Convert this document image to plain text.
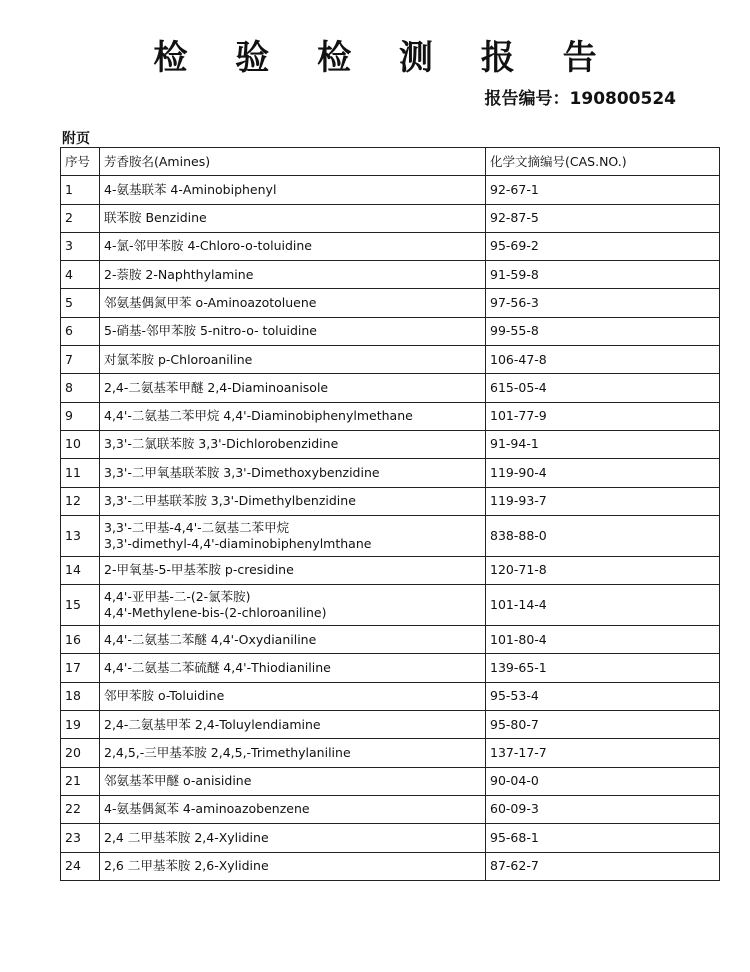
检 验 检 测 报 告
报告编号：190800524
附页
序号	芳香胺名(Amines)	化学文摘编号(CAS.NO.)
1	4-氨基联苯 4-Aminobiphenyl	92-67-1
2	联苯胺 Benzidine	92-87-5
3	4-氯-邻甲苯胺 4-Chloro-o-toluidine	95-69-2
4	2-萘胺 2-Naphthylamine	91-59-8
5	邻氨基偶氮甲苯 o-Aminoazotoluene	97-56-3
6	5-硝基-邻甲苯胺 5-nitro-o- toluidine	99-55-8
7	对氯苯胺 p-Chloroaniline	106-47-8
8	2,4-二氨基苯甲醚 2,4-Diaminoanisole	615-05-4
9	4,4'-二氨基二苯甲烷 4,4'-Diaminobiphenylmethane	101-77-9
10	3,3'-二氯联苯胺 3,3'-Dichlorobenzidine	91-94-1
11	3,3'-二甲氧基联苯胺 3,3'-Dimethoxybenzidine	119-90-4
12	3,3'-二甲基联苯胺 3,3'-Dimethylbenzidine	119-93-7
13	3,3'-二甲基-4,4'-二氨基二苯甲烷
3,3'-dimethyl-4,4'-diaminobiphenylmthane	838-88-0
14	2-甲氧基-5-甲基苯胺 p-cresidine	120-71-8
15	4,4'-亚甲基-二-(2-氯苯胺)
4,4'-Methylene-bis-(2-chloroaniline)	101-14-4
16	4,4'-二氨基二苯醚 4,4'-Oxydianiline	101-80-4
17	4,4'-二氨基二苯硫醚 4,4'-Thiodianiline	139-65-1
18	邻甲苯胺 o-Toluidine	95-53-4
19	2,4-二氨基甲苯 2,4-Toluylendiamine	95-80-7
20	2,4,5,-三甲基苯胺 2,4,5,-Trimethylaniline	137-17-7
21	邻氨基苯甲醚 o-anisidine	90-04-0
22	4-氨基偶氮苯 4-aminoazobenzene	60-09-3
23	2,4 二甲基苯胺 2,4-Xylidine	95-68-1
24	2,6 二甲基苯胺 2,6-Xylidine	87-62-7
